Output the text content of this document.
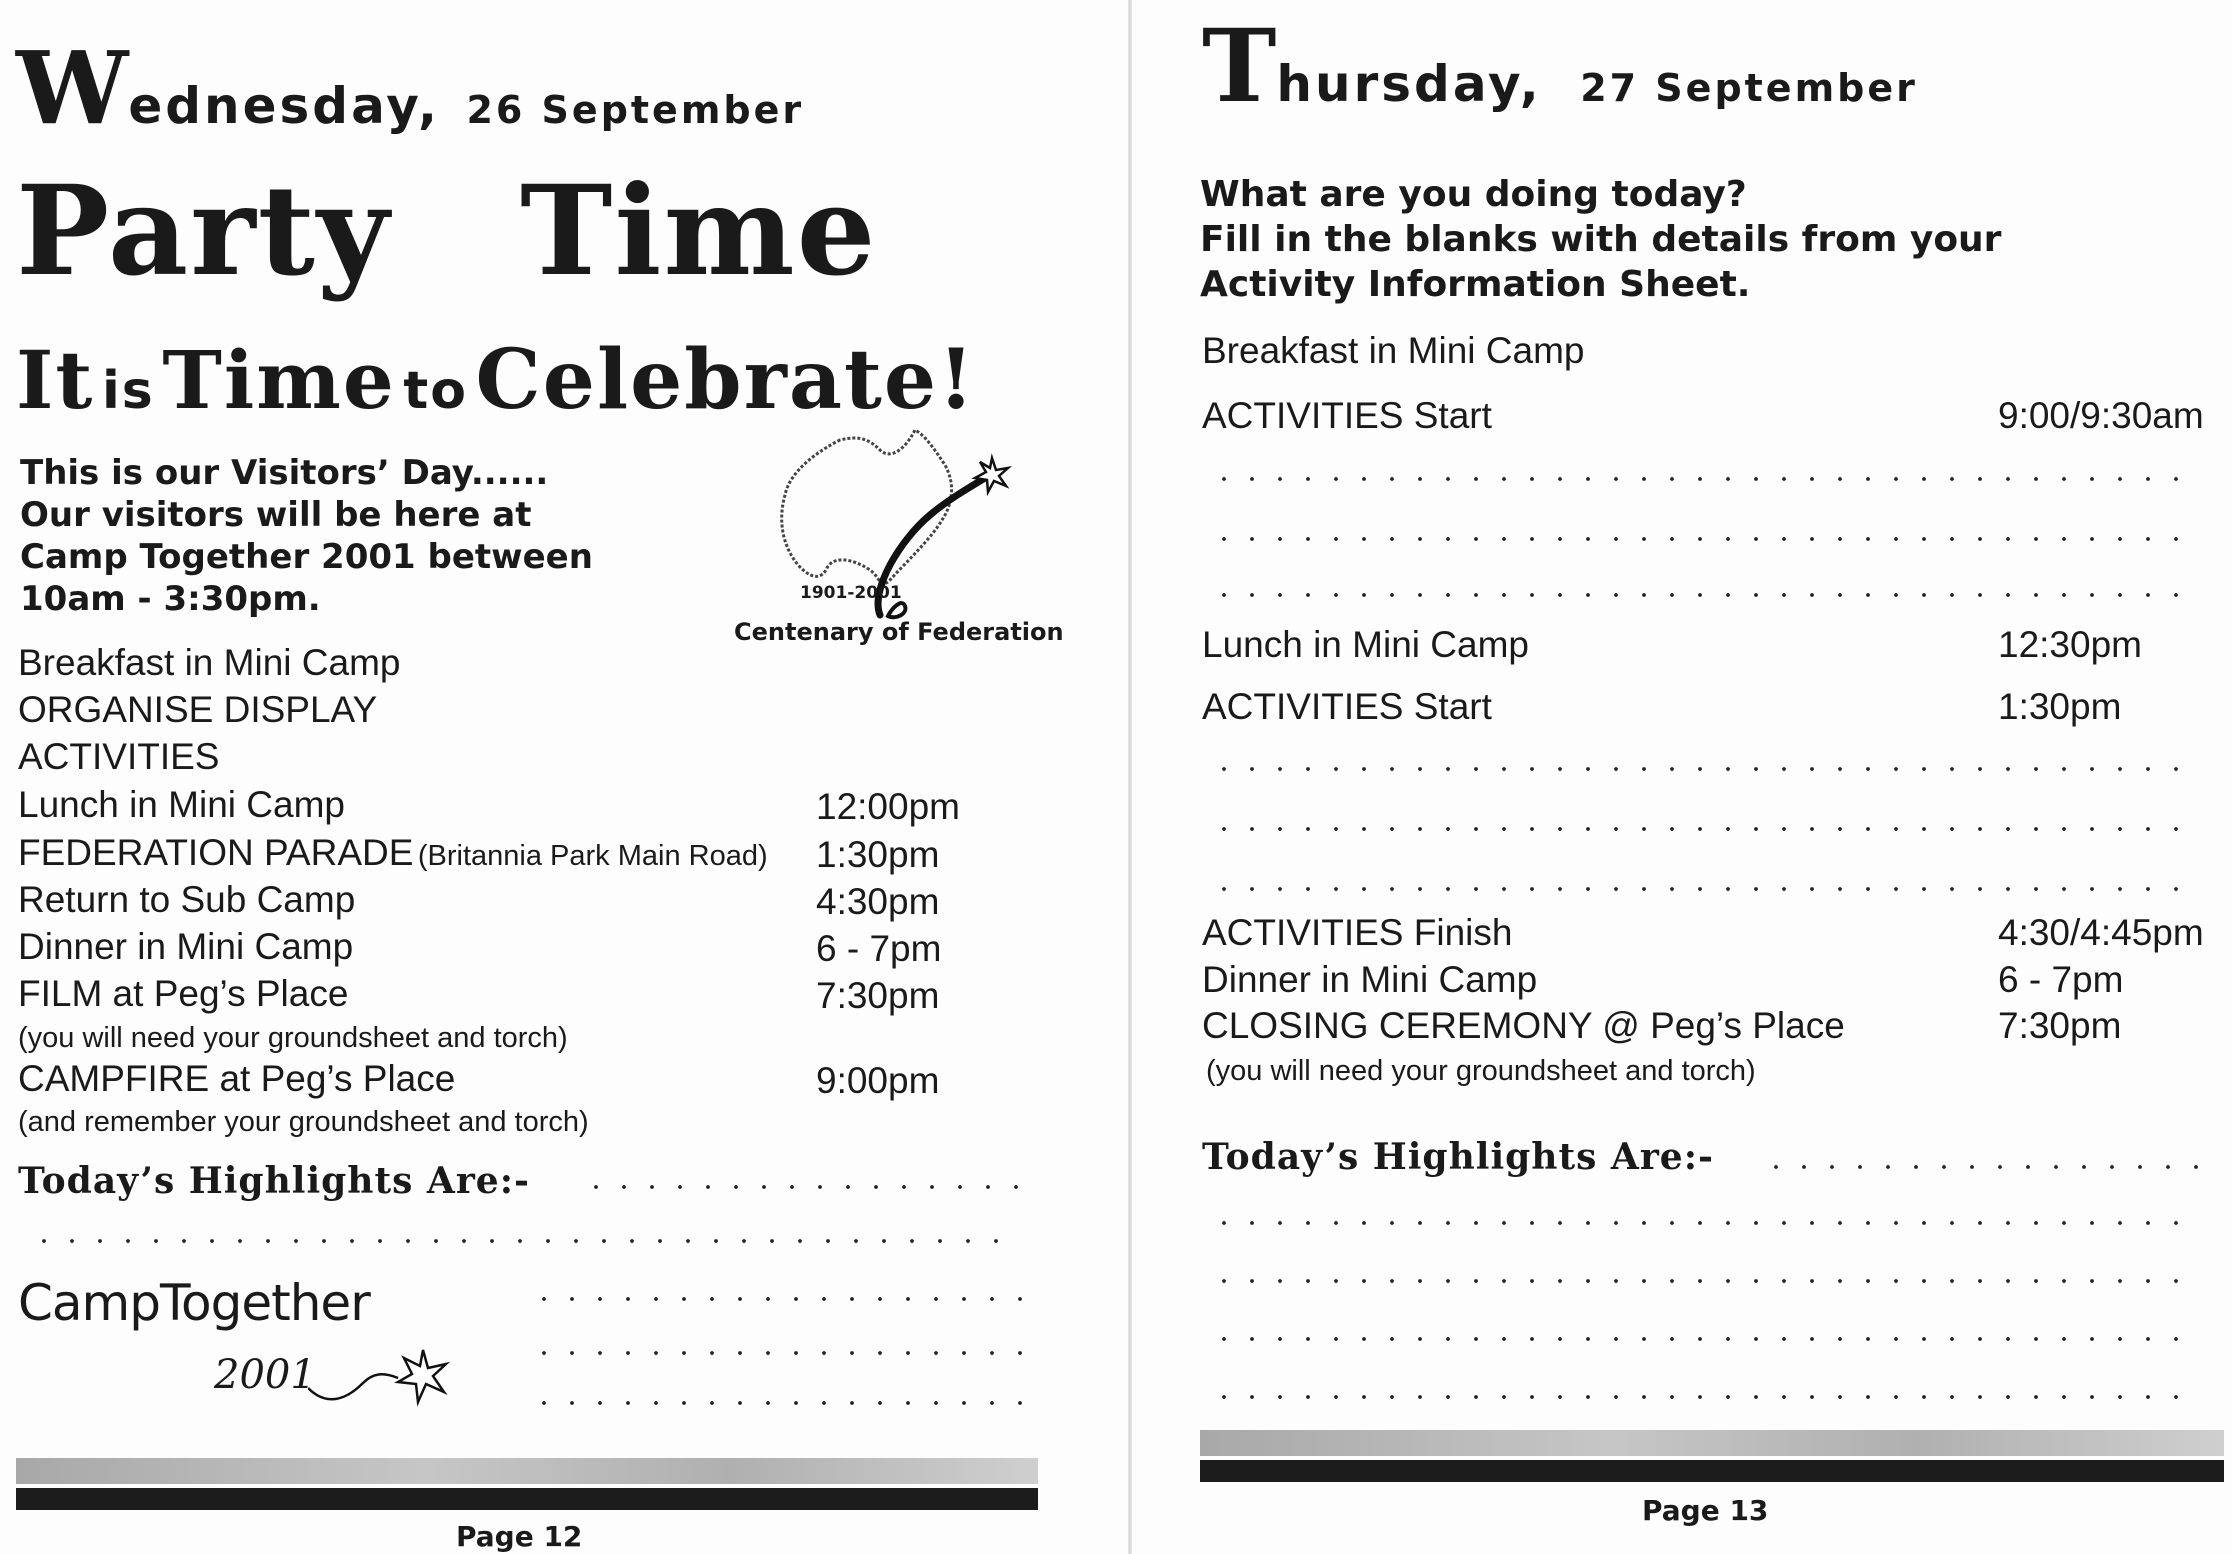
Wednesday, 26 September
Party Time
It is Time to Celebrate!
This is our Visitors’ Day......
Our visitors will be here at
Camp Together 2001 between
10am - 3:30pm.	1901-2001
Centenary of Federation
Breakfast in Mini Camp
ORGANISE DISPLAY
ACTIVITIES
Lunch in Mini Camp	12:00pm
FEDERATION PARADE (Britannia Park Main Road) 1:30pm
Return to Sub Camp	4:30pm
Dinner in Mini Camp	6 - 7pm
FILM at Peg’s Place	7:30pm
(you will need your groundsheet and torch)
CAMPFIRE at Peg’s Place	9:00pm
(and remember your groundsheet and torch)
Today’s Highlights Are:-
CampTogether
2001
Page 12
Thursday, 27 September
What are you doing today?
Fill in the blanks with details from your
Activity Information Sheet.
Breakfast in Mini Camp
ACTIVITIES Start	9:00/9:30am
Lunch in Mini Camp	12:30pm
ACTIVITIES Start	1:30pm
ACTIVITIES Finish	4:30/4:45pm
Dinner in Mini Camp	6 - 7pm
CLOSING CEREMONY @ Peg’s Place	7:30pm
(you will need your groundsheet and torch)
Today’s Highlights Are:-
Page 13
